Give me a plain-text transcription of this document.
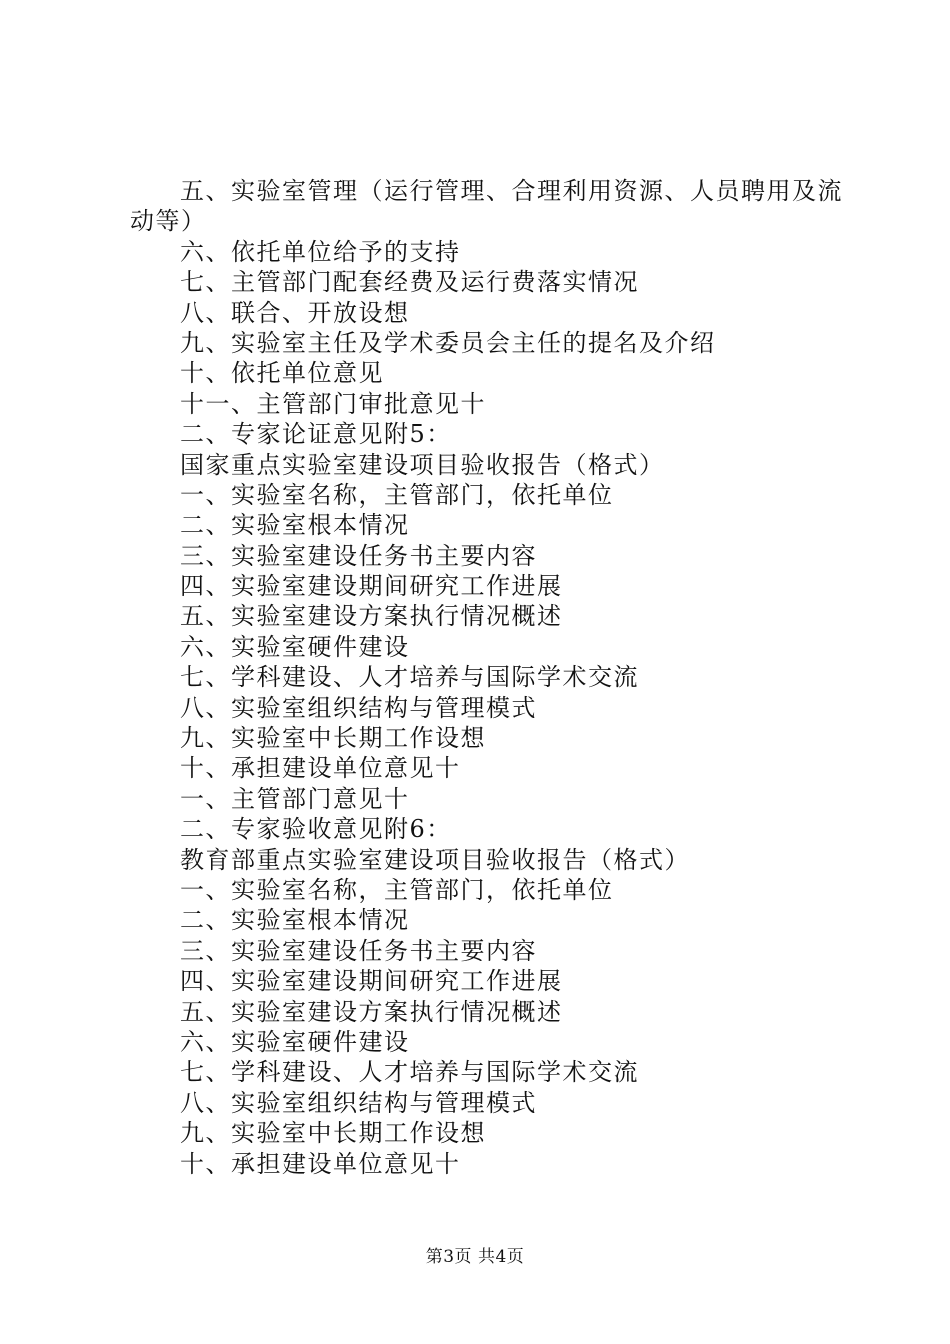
五、实验室管理（运行管理、合理利用资源、人员聘用及流
动等）
六、依托单位给予的支持
七、主管部门配套经费及运行费落实情况
八、联合、开放设想
九、实验室主任及学术委员会主任的提名及介绍
十、依托单位意见
十一、主管部门审批意见十
二、专家论证意见附5：
国家重点实验室建设项目验收报告（格式）
一、实验室名称，主管部门，依托单位
二、实验室根本情况
三、实验室建设任务书主要内容
四、实验室建设期间研究工作进展
五、实验室建设方案执行情况概述
六、实验室硬件建设
七、学科建设、人才培养与国际学术交流
八、实验室组织结构与管理模式
九、实验室中长期工作设想
十、承担建设单位意见十
一、主管部门意见十
二、专家验收意见附6：
教育部重点实验室建设项目验收报告（格式）
一、实验室名称，主管部门，依托单位
二、实验室根本情况
三、实验室建设任务书主要内容
四、实验室建设期间研究工作进展
五、实验室建设方案执行情况概述
六、实验室硬件建设
七、学科建设、人才培养与国际学术交流
八、实验室组织结构与管理模式
九、实验室中长期工作设想
十、承担建设单位意见十
第3页 共4页
